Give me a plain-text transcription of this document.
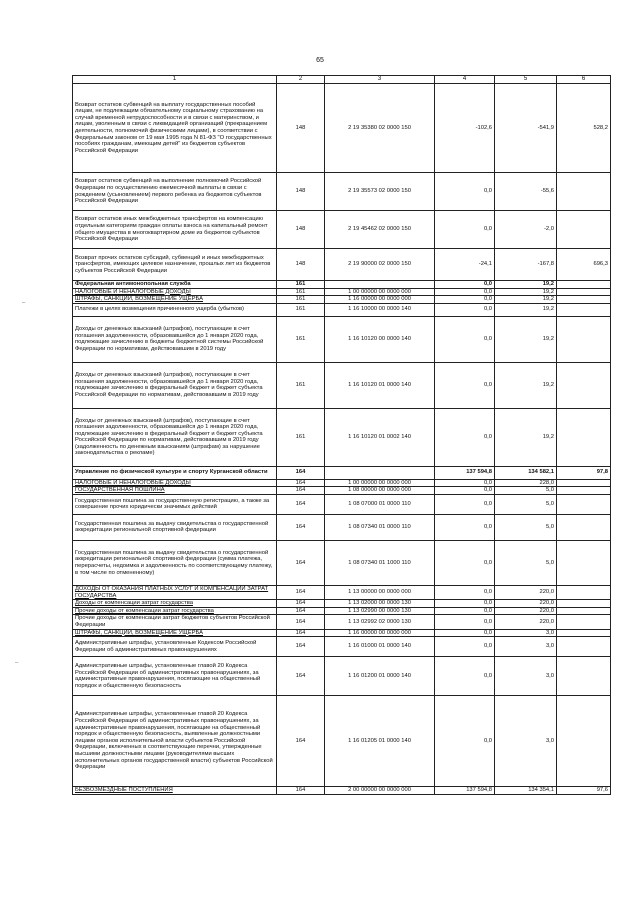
65
–
–
1	2	3	4	5	6
Возврат остатков субвенций на выплату государственных пособий лицам, не подлежащим обязательному социальному страхованию на случай временной нетрудоспособности и в связи с материнством, и лицам, уволенным в связи с ликвидацией организаций (прекращением деятельности, полномочий физическими лицами), в соответствии с Федеральным законом от 19 мая 1995 года N 81-ФЗ "О государственных пособиях гражданам, имеющим детей" из бюджетов субъектов Российской Федерации	148	2 19 35380 02 0000 150	-102,6	-541,9	528,2
Возврат остатков субвенций на выполнение полномочий Российской Федерации по осуществлению ежемесячной выплаты в связи с рождением (усыновлением) первого ребенка из бюджетов субъектов Российской Федерации	148	2 19 35573 02 0000 150	0,0	-55,6	
Возврат остатков иных межбюджетных трансфертов на компенсацию отдельным категориям граждан оплаты взноса на капитальный ремонт общего имущества в многоквартирном доме из бюджетов субъектов Российской Федерации	148	2 19 45462 02 0000 150	0,0	-2,0	
Возврат прочих остатков субсидий, субвенций и иных межбюджетных трансфертов, имеющих целевое назначение, прошлых лет из бюджетов субъектов Российской Федерации	148	2 19 90000 02 0000 150	-24,1	-167,8	696,3
Федеральная антимонопольная служба	161		0,0	19,2	
НАЛОГОВЫЕ И НЕНАЛОГОВЫЕ ДОХОДЫ	161	1 00 00000 00 0000 000	0,0	19,2	
ШТРАФЫ, САНКЦИИ, ВОЗМЕЩЕНИЕ УЩЕРБА	161	1 16 00000 00 0000 000	0,0	19,2	
Платежи в целях возмещения причиненного ущерба (убытков)	161	1 16 10000 00 0000 140	0,0	19,2	
Доходы от денежных взысканий (штрафов), поступающие в счет погашения задолженности, образовавшейся до 1 января 2020 года, подлежащие зачислению в бюджеты бюджетной системы Российской Федерации по нормативам, действовавшим в 2019 году	161	1 16 10120 00 0000 140	0,0	19,2	
Доходы от денежных взысканий (штрафов), поступающие в счет погашения задолженности, образовавшейся до 1 января 2020 года, подлежащие зачислению в федеральный бюджет и бюджет субъекта Российской Федерации по нормативам, действовавшим в 2019 году	161	1 16 10120 01 0000 140	0,0	19,2	
Доходы от денежных взысканий (штрафов), поступающие в счет погашения задолженности, образовавшейся до 1 января 2020 года, подлежащие зачислению в федеральный бюджет и бюджет субъекта Российской Федерации по нормативам, действовавшим в 2019 году (задолженность по денежным взысканиям (штрафам) за нарушение законодательства о рекламе)	161	1 16 10120 01 0002 140	0,0	19,2	
Управление по физической культуре и спорту Курганской области	164		137 594,8	134 582,1	97,8
НАЛОГОВЫЕ И НЕНАЛОГОВЫЕ ДОХОДЫ	164	1 00 00000 00 0000 000	0,0	228,0	
ГОСУДАРСТВЕННАЯ ПОШЛИНА	164	1 08 00000 00 0000 000	0,0	5,0	
Государственная пошлина за государственную регистрацию, а также за совершение прочих юридически значимых действий	164	1 08 07000 01 0000 110	0,0	5,0	
Государственная пошлина за выдачу свидетельства о государственной аккредитации региональной спортивной федерации	164	1 08 07340 01 0000 110	0,0	5,0	
Государственная пошлина за выдачу свидетельства о государственной аккредитации региональной спортивной федерации (сумма платежа, перерасчеты, недоимка и задолженность по соответствующему платежу, в том числе по отмененному)	164	1 08 07340 01 1000 110	0,0	5,0	
ДОХОДЫ ОТ ОКАЗАНИЯ ПЛАТНЫХ УСЛУГ И КОМПЕНСАЦИИ ЗАТРАТ ГОСУДАРСТВА	164	1 13 00000 00 0000 000	0,0	220,0	
Доходы от компенсации затрат государства	164	1 13 02000 00 0000 130	0,0	220,0	
Прочие доходы от компенсации затрат государства	164	1 13 02990 00 0000 130	0,0	220,0	
Прочие доходы от компенсации затрат бюджетов субъектов Российской Федерации	164	1 13 02992 02 0000 130	0,0	220,0	
ШТРАФЫ, САНКЦИИ, ВОЗМЕЩЕНИЕ УЩЕРБА	164	1 16 00000 00 0000 000	0,0	3,0	
Административные штрафы, установленные Кодексом Российской Федерации об административных правонарушениях	164	1 16 01000 01 0000 140	0,0	3,0	
Административные штрафы, установленные главой 20 Кодекса Российской Федерации об административных правонарушениях, за административные правонарушения, посягающие на общественный порядок и общественную безопасность	164	1 16 01200 01 0000 140	0,0	3,0	
Административные штрафы, установленные главой 20 Кодекса Российской Федерации об административных правонарушениях, за административные правонарушения, посягающие на общественный порядок и общественную безопасность, выявленные должностными лицами органов исполнительной власти субъектов Российской Федерации, включенных в соответствующие перечни, утвержденные высшими должностными лицами (руководителями высших исполнительных органов государственной власти) субъектов Российской Федерации	164	1 16 01205 01 0000 140	0,0	3,0	
БЕЗВОЗМЕЗДНЫЕ ПОСТУПЛЕНИЯ	164	2 00 00000 00 0000 000	137 594,8	134 354,1	97,6
